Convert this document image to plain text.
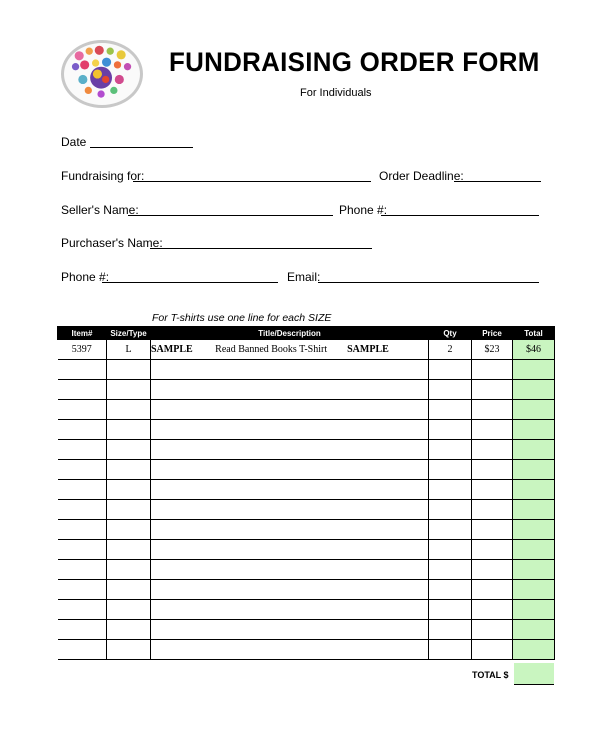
FUNDRAISING ORDER FORM
For Individuals
Date
Fundraising for:	Order Deadline:
Seller's Name:	Phone #:
Purchaser's Name:
Phone #:	Email:
For T-shirts use one line for each SIZE
Item#	Size/Type	Title/Description	Qty	Price	Total
5397	L	SAMPLE Read Banned Books T-Shirt SAMPLE	2	$23	$46

TOTAL $
